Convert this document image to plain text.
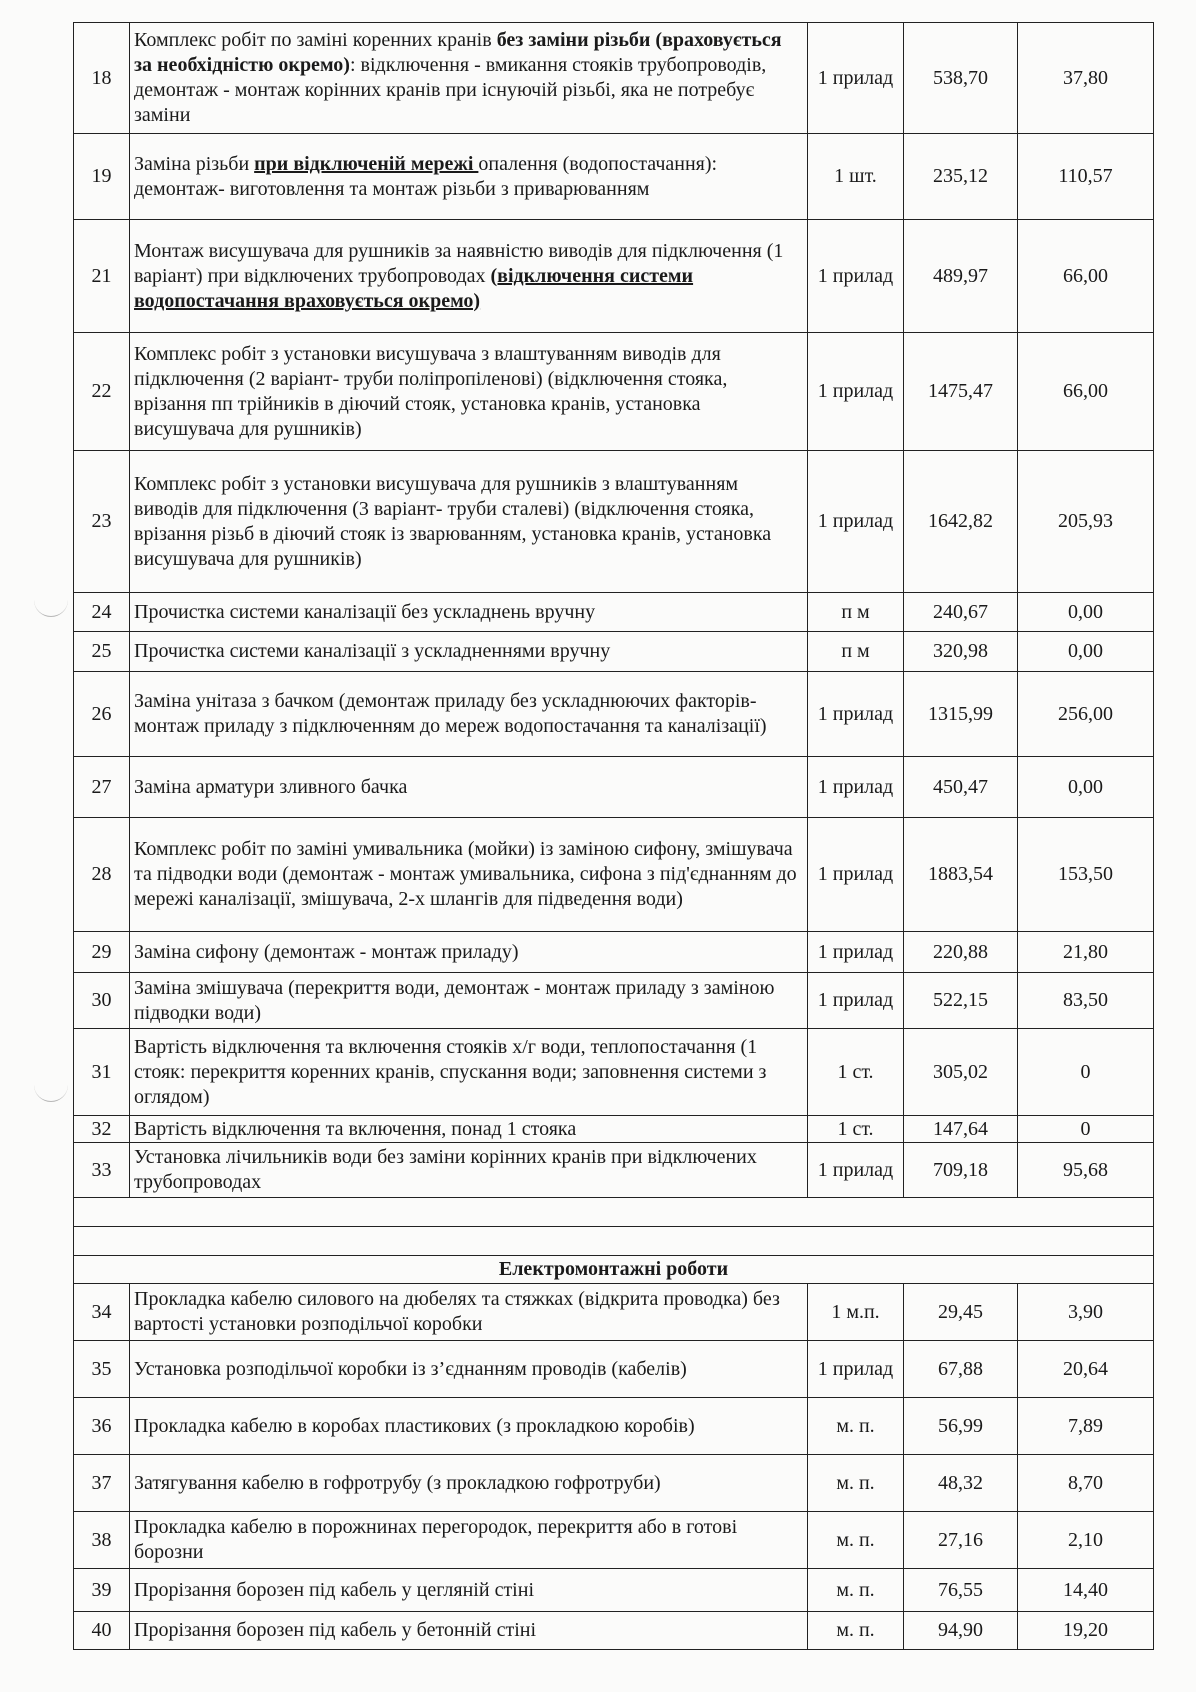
18	Комплекс робіт по заміні коренних кранів без заміни різьби (враховується за необхідністю окремо): відключення - вмикання стояків трубопроводів, демонтаж - монтаж корінних кранів при існуючій різьбі, яка не потребує заміни	1 прилад	538,70	37,80
19	Заміна різьби при відключеній мережі опалення (водопостачання): демонтаж- виготовлення та монтаж різьби з приварюванням	1 шт.	235,12	110,57
21	Монтаж висушувача для рушників за наявністю виводів для підключення (1 варіант) при відключених трубопроводах (відключення системи водопостачання враховується окремо)	1 прилад	489,97	66,00
22	Комплекс робіт з установки висушувача з влаштуванням виводів для підключення (2 варіант- труби поліпропіленові) (відключення стояка, врізання пп трійників в діючий стояк, установка кранів, установка висушувача для рушників)	1 прилад	1475,47	66,00
23	Комплекс робіт з установки висушувача для рушників з влаштуванням виводів для підключення (3 варіант- труби сталеві) (відключення стояка, врізання різьб в діючий стояк із зварюванням, установка кранів, установка висушувача для рушників)	1 прилад	1642,82	205,93
24	Прочистка системи каналізації без ускладнень вручну	п м	240,67	0,00
25	Прочистка системи каналізації з ускладненнями вручну	п м	320,98	0,00
26	Заміна унітаза з бачком (демонтаж приладу без ускладнюючих факторів- монтаж приладу з підключенням до мереж водопостачання та каналізації)	1 прилад	1315,99	256,00
27	Заміна арматури зливного бачка	1 прилад	450,47	0,00
28	Комплекс робіт по заміні умивальника (мойки) із заміною сифону, змішувача та підводки води (демонтаж - монтаж умивальника, сифона з під'єднанням до мережі каналізації, змішувача, 2-х шлангів для підведення води)	1 прилад	1883,54	153,50
29	Заміна сифону (демонтаж - монтаж приладу)	1 прилад	220,88	21,80
30	Заміна змішувача (перекриття води, демонтаж - монтаж приладу з заміною підводки води)	1 прилад	522,15	83,50
31	Вартість відключення та включення стояків х/г води, теплопостачання (1 стояк: перекриття коренних кранів, спускання води; заповнення системи з оглядом)	1 ст.	305,02	0
32	Вартість відключення та включення, понад 1 стояка	1 ст.	147,64	0
33	Установка лічильників води без заміни корінних кранів при відключених трубопроводах	1 прилад	709,18	95,68

Електромонтажні роботи				
34	Прокладка кабелю силового на дюбелях та стяжках (відкрита проводка) без вартості установки розподільчої коробки	1 м.п.	29,45	3,90
35	Установка розподільчої коробки із з’єднанням проводів (кабелів)	1 прилад	67,88	20,64
36	Прокладка кабелю в коробах пластикових (з прокладкою коробів)	м. п.	56,99	7,89
37	Затягування кабелю в гофротрубу (з прокладкою гофротруби)	м. п.	48,32	8,70
38	Прокладка кабелю в порожнинах перегородок, перекриття або в готові борозни	м. п.	27,16	2,10
39	Прорізання борозен під кабель у цегляній стіні	м. п.	76,55	14,40
40	Прорізання борозен під кабель у бетонній стіні	м. п.	94,90	19,20
